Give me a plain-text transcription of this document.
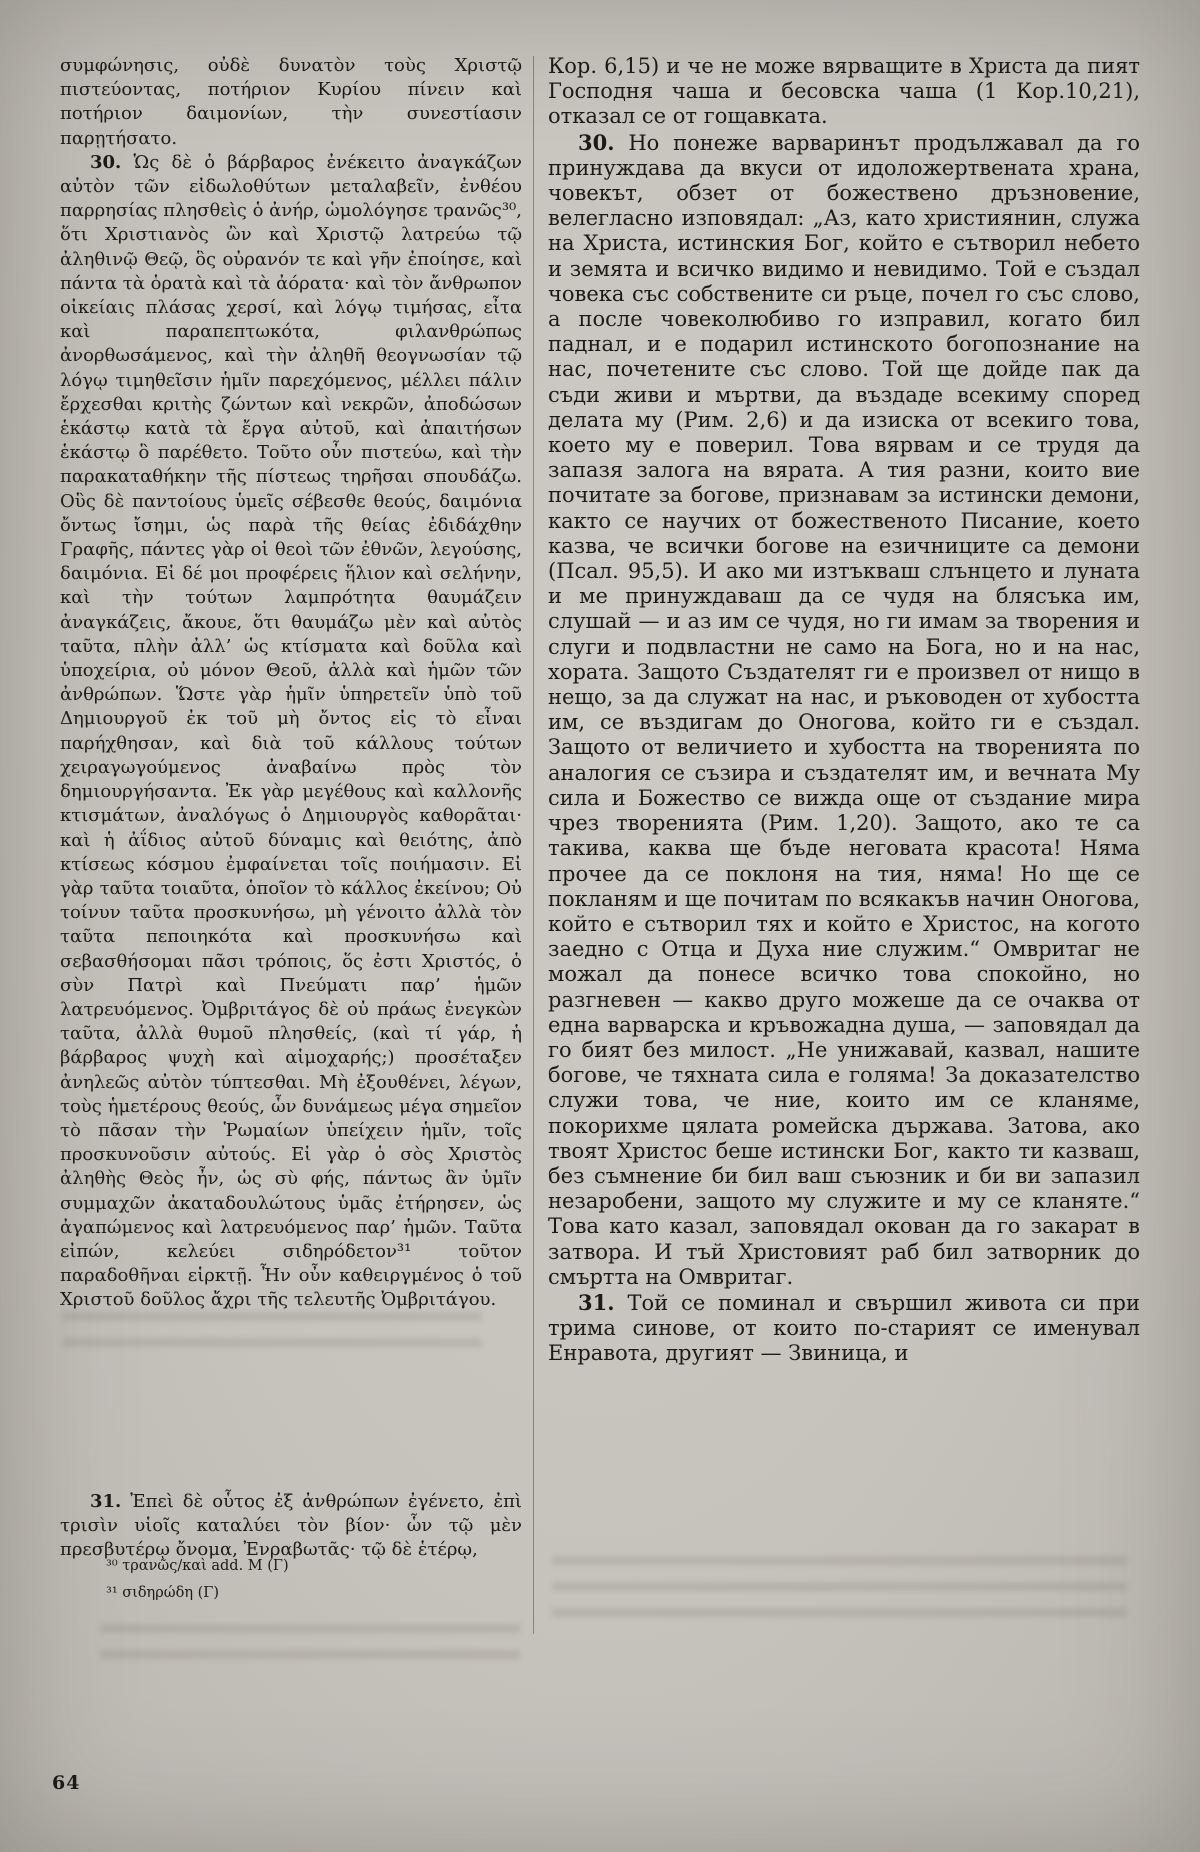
συμφώνησις, οὐδὲ δυνατὸν τοὺς Χριστῷ πιστεύοντας, ποτήριον Κυρίου πίνειν καὶ ποτήριον δαιμονίων, τὴν συνεστίασιν παρῃτήσατο.

30. Ὡς δὲ ὁ βάρβαρος ἐνέκειτο ἀναγκάζων αὐτὸν τῶν εἰδωλοθύτων μεταλαβεῖν, ἐνθέου παρρησίας πλησθεὶς ὁ ἀνήρ, ὡμολόγησε τρανῶς³⁰, ὅτι Χριστιανὸς ὢν καὶ Χριστῷ λατρεύω τῷ ἀληθινῷ Θεῷ, ὃς οὐρανόν τε καὶ γῆν ἐποίησε, καὶ πάντα τὰ ὁρατὰ καὶ τὰ ἀόρατα· καὶ τὸν ἄνθρωπον οἰκείαις πλάσας χερσί, καὶ λόγῳ τιμήσας, εἶτα καὶ παραπεπτωκότα, φιλανθρώπως ἀνορθωσάμενος, καὶ τὴν ἀληθῆ θεογνωσίαν τῷ λόγῳ τιμηθεῖσιν ἡμῖν παρεχόμενος, μέλλει πάλιν ἔρχεσθαι κριτὴς ζώντων καὶ νεκρῶν, ἀποδώσων ἑκάστῳ κατὰ τὰ ἔργα αὐτοῦ, καὶ ἀπαιτήσων ἑκάστῳ ὃ παρέθετο. Τοῦτο οὖν πιστεύω, καὶ τὴν παρακαταθήκην τῆς πίστεως τηρῆσαι σπουδάζω. Οὓς δὲ παντοίους ὑμεῖς σέβεσθε θεούς, δαιμόνια ὄντως ἴσημι, ὡς παρὰ τῆς θείας ἐδιδάχθην Γραφῆς, πάντες γὰρ οἱ θεοὶ τῶν ἐθνῶν, λεγούσης, δαιμόνια. Εἰ δέ μοι προφέρεις ἥλιον καὶ σελήνην, καὶ τὴν τούτων λαμπρότητα θαυμάζειν ἀναγκάζεις, ἄκουε, ὅτι θαυμάζω μὲν καὶ αὐτὸς ταῦτα, πλὴν ἀλλ’ ὡς κτίσματα καὶ δοῦλα καὶ ὑποχείρια, οὐ μόνον Θεοῦ, ἀλλὰ καὶ ἡμῶν τῶν ἀνθρώπων. Ὥστε γὰρ ἡμῖν ὑπηρετεῖν ὑπὸ τοῦ Δημιουργοῦ ἐκ τοῦ μὴ ὄντος εἰς τὸ εἶναι παρήχθησαν, καὶ διὰ τοῦ κάλλους τούτων χειραγωγούμενος ἀναβαίνω πρὸς τὸν δημιουργήσαντα. Ἐκ γὰρ μεγέθους καὶ καλλονῆς κτισμάτων, ἀναλόγως ὁ Δημιουργὸς καθορᾶται· καὶ ἡ ἀΐδιος αὐτοῦ δύναμις καὶ θειότης, ἀπὸ κτίσεως κόσμου ἐμφαίνεται τοῖς ποιήμασιν. Εἰ γὰρ ταῦτα τοιαῦτα, ὁποῖον τὸ κάλλος ἐκείνου; Οὐ τοίνυν ταῦτα προσκυνήσω, μὴ γένοιτο ἀλλὰ τὸν ταῦτα πεποιηκότα καὶ προσκυνήσω καὶ σεβασθήσομαι πᾶσι τρόποις, ὅς ἐστι Χριστός, ὁ σὺν Πατρὶ καὶ Πνεύματι παρ’ ἡμῶν λατρευόμενος. Ὀμβριτάγος δὲ οὐ πράως ἐνεγκὼν ταῦτα, ἀλλὰ θυμοῦ πλησθείς, (καὶ τί γάρ, ἡ βάρβαρος ψυχὴ καὶ αἱμοχαρής;) προσέταξεν ἀνηλεῶς αὐτὸν τύπτεσθαι. Μὴ ἐξουθένει, λέγων, τοὺς ἡμετέρους θεούς, ὧν δυνάμεως μέγα σημεῖον τὸ πᾶσαν τὴν Ῥωμαίων ὑπείχειν ἡμῖν, τοῖς προσκυνοῦσιν αὐτούς. Εἰ γὰρ ὁ σὸς Χριστὸς ἀληθὴς Θεὸς ἦν, ὡς σὺ φής, πάντως ἂν ὑμῖν συμμαχῶν ἀκαταδουλώτους ὑμᾶς ἐτήρησεν, ὡς ἀγαπώμενος καὶ λατρευόμενος παρ’ ἡμῶν. Ταῦτα εἰπών, κελεύει σιδηρόδετον³¹ τοῦτον παραδοθῆναι εἱρκτῇ. Ἦν οὖν καθειργμένος ὁ τοῦ Χριστοῦ δοῦλος ἄχρι τῆς τελευτῆς Ὀμβριτάγου.

31. Ἐπεὶ δὲ οὗτος ἐξ ἀνθρώπων ἐγένετο, ἐπὶ τρισὶν υἱοῖς καταλύει τὸν βίον· ὧν τῷ μὲν πρεσβυτέρῳ ὄνομα, Ἐνραβωτᾶς· τῷ δὲ ἑτέρῳ,

³⁰ τρανῶς/καὶ add. M (Γ)
³¹ σιδηρώδη (Γ)

Кор. 6,15) и че не може вярващите в Христа да пият Господня чаша и бесовска чаша (1 Кор.10,21), отказал се от гощавката.

30. Но понеже варваринът продължавал да го принуждава да вкуси от идоложертвената храна, човекът, обзет от божествено дръзновение, велегласно изповядал: „Аз, като християнин, служа на Христа, истинския Бог, който е сътворил небето и земята и всичко видимо и невидимо. Той е създал човека със собствените си ръце, почел го със слово, а после човеколюбиво го изправил, когато бил паднал, и е подарил истинското богопознание на нас, почетените със слово. Той ще дойде пак да съди живи и мъртви, да въздаде всекиму според делата му (Рим. 2,6) и да изиска от всекиго това, което му е поверил. Това вярвам и се трудя да запазя залога на вярата. А тия разни, които вие почитате за богове, признавам за истински демони, както се научих от божественото Писание, което казва, че всички богове на езичниците са демони (Псал. 95,5). И ако ми изтъкваш слънцето и луната и ме принуждаваш да се чудя на блясъка им, слушай — и аз им се чудя, но ги имам за творения и слуги и подвластни не само на Бога, но и на нас, хората. Защото Създателят ги е произвел от нищо в нещо, за да служат на нас, и ръководен от хубостта им, се въздигам до Оногова, който ги е създал. Защото от величието и хубостта на творенията по аналогия се съзира и създателят им, и вечната Му сила и Божество се вижда още от създание мира чрез творенията (Рим. 1,20). Защото, ако те са такива, каква ще бъде неговата красота! Няма прочее да се поклоня на тия, няма! Но ще се покланям и ще почитам по всякакъв начин Оногова, който е сътворил тях и който е Христос, на когото заедно с Отца и Духа ние служим.“ Омвритаг не можал да понесе всичко това спокойно, но разгневен — какво друго можеше да се очаква от една варварска и кръвожадна душа, — заповядал да го бият без милост. „Не унижавай, казвал, нашите богове, че тяхната сила е голяма! За доказателство служи това, че ние, които им се кланяме, покорихме цялата ромейска държава. Затова, ако твоят Христос беше истински Бог, както ти казваш, без съмнение би бил ваш съюзник и би ви запазил незаробени, защото му служите и му се кланяте.“ Това като казал, заповядал окован да го закарат в затвора. И тъй Христовият раб бил затворник до смъртта на Омвритаг.

31. Той се поминал и свършил живота си при трима синове, от които по-старият се именувал Енравота, другият — Звиница, и

64
